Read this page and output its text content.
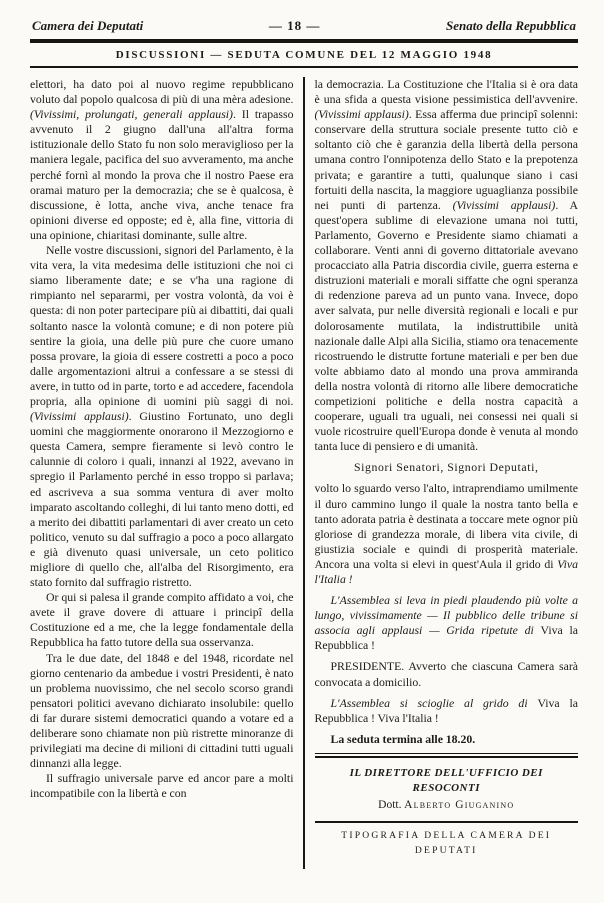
Camera dei Deputati	— 18 —	Senato della Repubblica
DISCUSSIONI — SEDUTA COMUNE DEL 12 MAGGIO 1948

elettori, ha dato poi al nuovo regime repubblicano voluto dal popolo qualcosa di più di una mèra adesione. (Vivissimi, prolungati, generali applausi). Il trapasso avvenuto il 2 giugno dall'una all'altra forma istituzionale dello Stato fu non solo meraviglioso per la maniera legale, pacifica del suo avveramento, ma anche perché fornì al mondo la prova che il nostro Paese era oramai maturo per la democrazia; che se è qualcosa, è discussione, è lotta, anche viva, anche tenace fra opinioni diverse ed opposte; ed è, alla fine, vittoria di una opinione, chiaritasi dominante, sulle altre.

Nelle vostre discussioni, signori del Parlamento, è la vita vera, la vita medesima delle istituzioni che noi ci siamo liberamente date; e se v'ha una ragione di rimpianto nel separarmi, per vostra volontà, da voi è questa: di non poter partecipare più ai dibattiti, dai quali soltanto nasce la volontà comune; e di non potere più sentire la gioia, una delle più pure che cuore umano possa provare, la gioia di essere costretti a poco a poco dalle argomentazioni altrui a confessare a se stessi di avere, in tutto od in parte, torto e ad accedere, facendola propria, alla opinione di uomini più saggi di noi. (Vivissimi applausi). Giustino Fortunato, uno degli uomini che maggiormente onorarono il Mezzogiorno e questa Camera, sempre fieramente si levò contro le calunnie di coloro i quali, innanzi al 1922, avevano in spregio il Parlamento perché in esso troppo si parlava; ed ascriveva a sua somma ventura di aver molto imparato ascoltando colleghi, di lui tanto meno dotti, ed a merito dei dibattiti parlamentari di aver creato un ceto politico, venuto su dal suffragio a poco a poco allargato e già divenuto quasi universale, un ceto politico migliore di quello che, all'alba del Risorgimento, era stato fornito dal suffragio ristretto.

Or qui si palesa il grande compito affidato a voi, che avete il grave dovere di attuare i principî della Costituzione ed a me, che la legge fondamentale della Repubblica ha fatto tutore della sua osservanza.

Tra le due date, del 1848 e del 1948, ricordate nel giorno centenario da ambedue i vostri Presidenti, è nato un problema nuovissimo, che nel secolo scorso grandi pensatori politici avevano dichiarato insolubile: quello di far durare sistemi democratici quando a votare ed a deliberare sono chiamate non più ristrette minoranze di privilegiati ma decine di milioni di cittadini tutti uguali dinnanzi alla legge.

Il suffragio universale parve ed ancor pare a molti incompatibile con la libertà e con

la democrazia. La Costituzione che l'Italia si è ora data è una sfida a questa visione pessimistica dell'avvenire. (Vivissimi applausi). Essa afferma due principî solenni: conservare della struttura sociale presente tutto ciò e soltanto ciò che è garanzia della libertà della persona umana contro l'onnipotenza dello Stato e la prepotenza privata; e garantire a tutti, qualunque siano i casi fortuiti della nascita, la maggiore uguaglianza possibile nei punti di partenza. (Vivissimi applausi). A quest'opera sublime di elevazione umana noi tutti, Parlamento, Governo e Presidente siamo chiamati a collaborare. Venti anni di governo dittatoriale avevano procacciato alla Patria discordia civile, guerra esterna e distruzioni materiali e morali siffatte che ogni speranza di redenzione pareva ad un punto vana. Invece, dopo aver salvata, pur nelle diversità regionali e locali e pur dolorosamente mutilata, la indistruttibile unità nazionale dalle Alpi alla Sicilia, stiamo ora tenacemente ricostruendo le distrutte fortune materiali e per ben due volte abbiamo dato al mondo una prova ammiranda della nostra volontà di ritorno alle libere democratiche competizioni politiche e della nostra capacità a cooperare, uguali tra uguali, nei consessi nei quali si vuole ricostruire quell'Europa donde è venuta al mondo tanta luce di pensiero e di umanità.

Signori Senatori, Signori Deputati,

volto lo sguardo verso l'alto, intraprendiamo umilmente il duro cammino lungo il quale la nostra tanto bella e tanto adorata patria è destinata a toccare mete ognor più gloriose di grandezza morale, di libera vita civile, di giustizia sociale e quindi di prosperità materiale. Ancora una volta si elevi in quest'Aula il grido di Viva l'Italia !

L'Assemblea si leva in piedi plaudendo più volte a lungo, vivissimamente — Il pubblico delle tribune si associa agli applausi — Grida ripetute di Viva la Repubblica !

PRESIDENTE. Avverto che ciascuna Camera sarà convocata a domicilio.

L'Assemblea si scioglie al grido di Viva la Repubblica ! Viva l'Italia !

La seduta termina alle 18.20.

IL DIRETTORE DELL'UFFICIO DEI RESOCONTI
Dott. Alberto Giuganino
TIPOGRAFIA DELLA CAMERA DEI DEPUTATI
